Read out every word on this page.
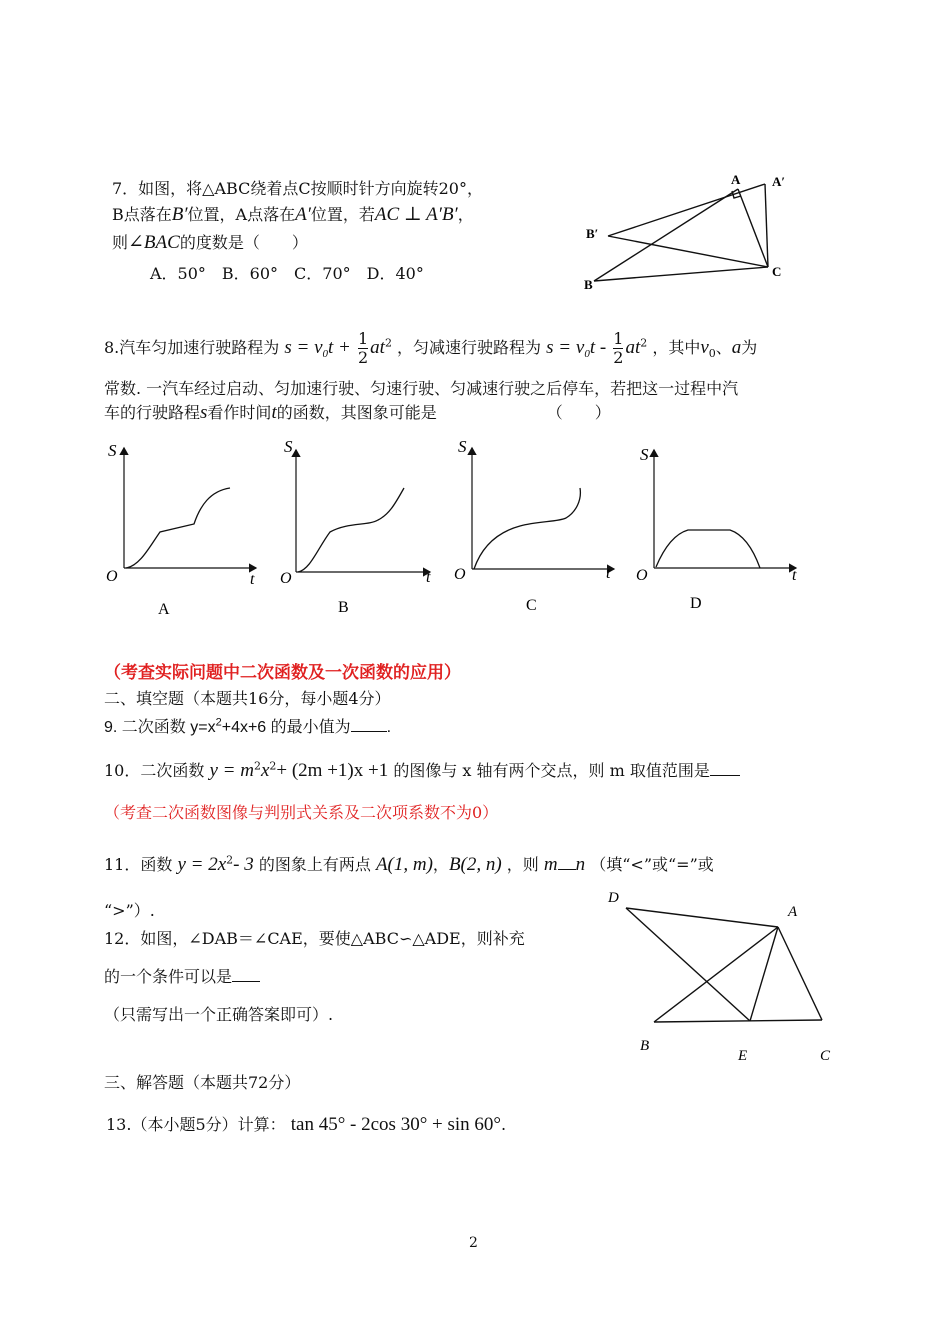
7．如图，将△ABC绕着点C按顺时针方向旋转20°，
B点落在B′位置，A点落在A′位置，若AC ⊥ A′B′，
则∠BAC的度数是（　　）
A．50°　B．60°　C．70°　D．40°
A A′
B′
B
C
8.汽车匀加速行驶路程为 $s = v_0t + \frac{1}{2} at^2$ ，匀减速行驶路程为 $s = v_0t - \frac{1}{2} at^2$ ，其中$v_0$、a为
常数. 一汽车经过启动、匀加速行驶、匀速行驶、匀减速行驶之后停车，若把这一过程中汽
车的行驶路程s看作时间t的函数，其图象可能是	（　　）
S
O	t
A
S
O	t
B
S
O	t
C
S
O	t
D
（考查实际问题中二次函数及一次函数的应用）
二、填空题（本题共16分，每小题4分）
9. 二次函数 $y=x^2+4x+6$ 的最小值为 .
10．二次函数 $y = m^2x^2+ (2m +1)x +1$ 的图像与 x 轴有两个交点，则 m 取值范围是
（考查二次函数图像与判别式关系及二次项系数不为0）
11．函数 $y = 2x^2-$ 3 的图象上有两点 A(1, m)，B(2, n) ，则 m n （填“<”或“=”或
“>”）.
12．如图，∠DAB＝∠CAE，要使△ABC∽△ADE，则补充
的一个条件可以是
（只需写出一个正确答案即可）.
D
A
B
E	C
三、解答题（本题共72分）
13.（本小题5分）计算： tan 45° - 2cos 30° + sin 60°.
2
